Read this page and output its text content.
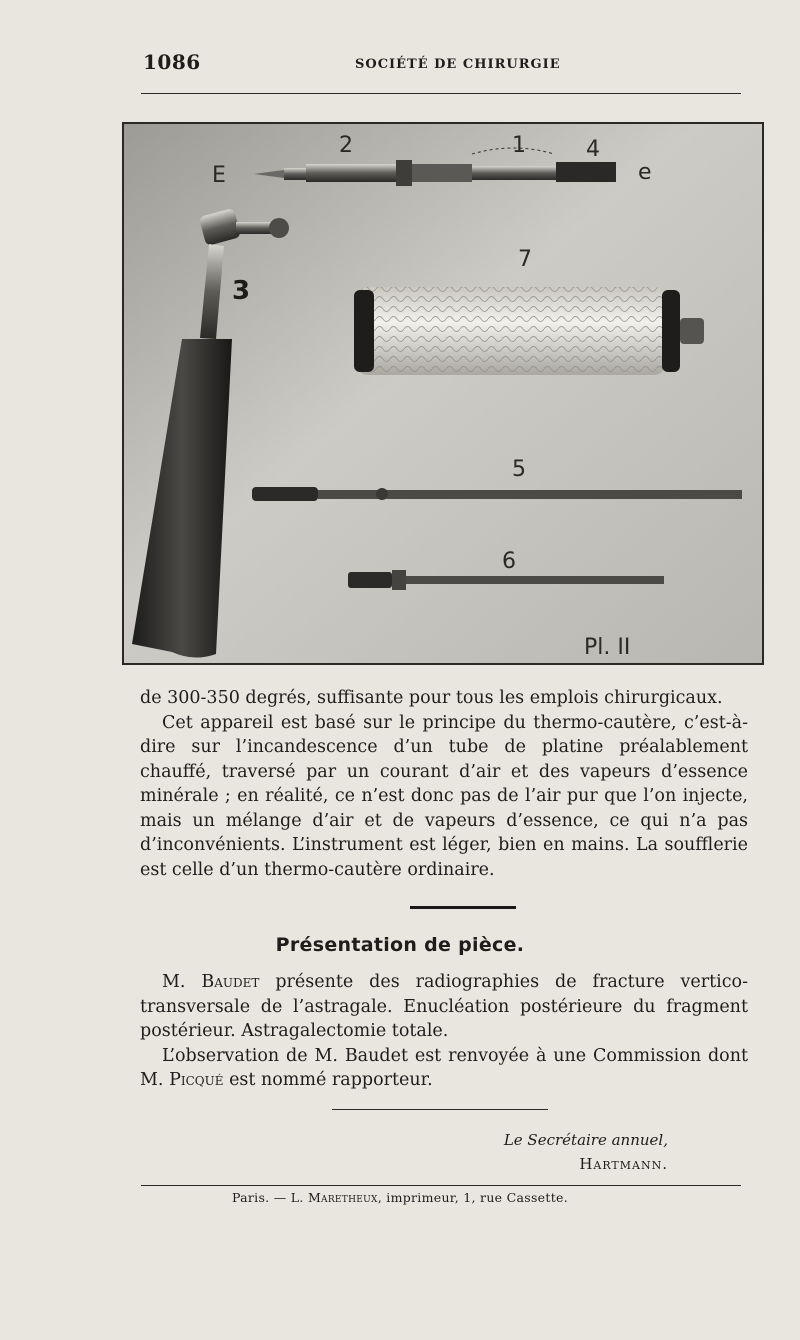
1086	SOCIÉTÉ DE CHIRURGIE
E	e
1
2
3
4
5
6
7
Pl. II

de 300-350 degrés, suffisante pour tous les emplois chirurgicaux.

Cet appareil est basé sur le principe du thermo-cautère, c’est-à-dire sur l’incandescence d’un tube de platine préalablement chauffé, traversé par un courant d’air et des vapeurs d’essence minérale ; en réalité, ce n’est donc pas de l’air pur que l’on injecte, mais un mélange d’air et de vapeurs d’essence, ce qui n’a pas d’inconvénients. L’instrument est léger, bien en mains. La soufflerie est celle d’un thermo-cautère ordinaire.

Présentation de pièce.

M. Baudet présente des radiographies de fracture vertico-transversale de l’astragale. Enucléation postérieure du fragment postérieur. Astragalectomie totale.

L’observation de M. Baudet est renvoyée à une Commission dont M. Picqué est nommé rapporteur.

Le Secrétaire annuel,
Hartmann.
Paris. — L. Maretheux, imprimeur, 1, rue Cassette.
